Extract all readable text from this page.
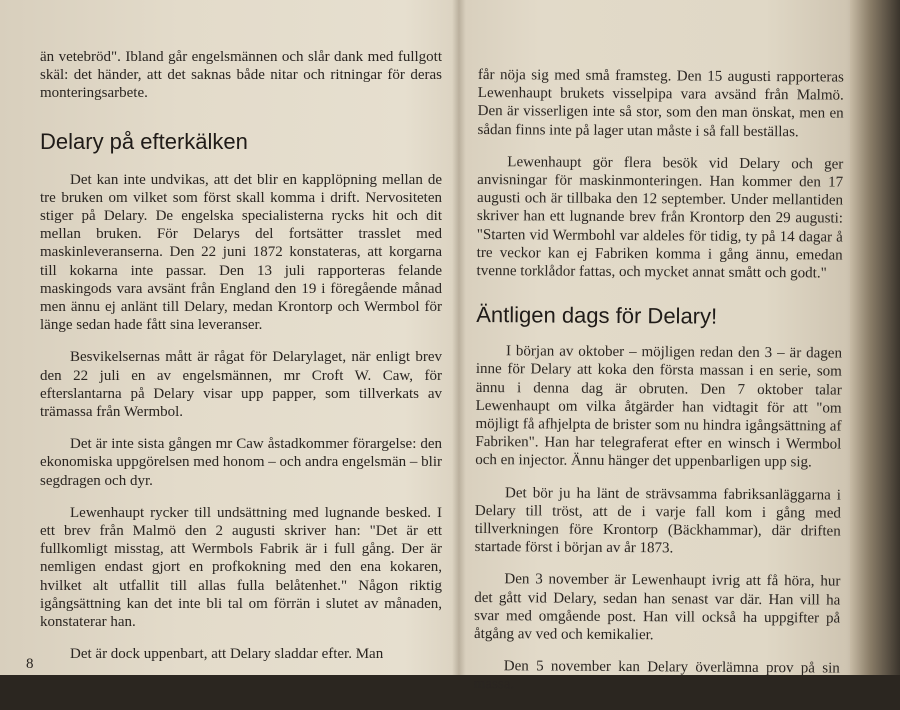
än vetebröd". Ibland går engelsmännen och slår dank med fullgott skäl: det händer, att det saknas både nitar och ritningar för deras monteringsarbete.

Delary på efterkälken

Det kan inte undvikas, att det blir en kapplöpning mellan de tre bruken om vilket som först skall komma i drift. Nervositeten stiger på Delary. De engelska specialisterna rycks hit och dit mellan bruken. För Delarys del fortsätter trasslet med maskinleveranserna. Den 22 juni 1872 konstateras, att korgarna till kokarna inte passar. Den 13 juli rapporteras felande maskingods vara avsänt från England den 19 i föregående månad men ännu ej anlänt till Delary, medan Krontorp och Wermbol för länge sedan hade fått sina leveranser.

Besvikelsernas mått är rågat för Delarylaget, när enligt brev den 22 juli en av engelsmännen, mr Croft W. Caw, för efterslantarna på Delary visar upp papper, som tillverkats av trämassa från Wermbol.

Det är inte sista gången mr Caw åstadkommer förargelse: den ekonomiska uppgörelsen med honom – och andra engelsmän – blir segdragen och dyr.

Lewenhaupt rycker till undsättning med lugnande besked. I ett brev från Malmö den 2 augusti skriver han: "Det är ett fullkomligt misstag, att Wermbols Fabrik är i full gång. Der är nemligen endast gjort en profkokning med den ena kokaren, hvilket alt utfallit till allas fulla belåtenhet." Någon riktig igångsättning kan det inte bli tal om förrän i slutet av månaden, konstaterar han.

Det är dock uppenbart, att Delary sladdar efter. Man

får nöja sig med små framsteg. Den 15 augusti rapporteras Lewenhaupt brukets visselpipa vara avsänd från Malmö. Den är visserligen inte så stor, som den man önskat, men en sådan finns inte på lager utan måste i så fall beställas.

Lewenhaupt gör flera besök vid Delary och ger anvisningar för maskinmonteringen. Han kommer den 17 augusti och är tillbaka den 12 september. Under mellantiden skriver han ett lugnande brev från Krontorp den 29 augusti: "Starten vid Wermbohl var aldeles för tidig, ty på 14 dagar å tre veckor kan ej Fabriken komma i gång ännu, emedan tvenne torklådor fattas, och mycket annat smått och godt."

Äntligen dags för Delary!

I början av oktober – möjligen redan den 3 – är dagen inne för Delary att koka den första massan i en serie, som ännu i denna dag är obruten. Den 7 oktober talar Lewenhaupt om vilka åtgärder han vidtagit för att "om möjligt få afhjelpta de brister som nu hindra igångsättning af Fabriken". Han har telegraferat efter en winsch i Wermbol och en injector. Ännu hänger det uppenbarligen upp sig.

Det bör ju ha länt de strävsamma fabriksanläggarna i Delary till tröst, att de i varje fall kom i gång med tillverkningen före Krontorp (Bäckhammar), där driften startade först i början av år 1873.

Den 3 november är Lewenhaupt ivrig att få höra, hur det gått vid Delary, sedan han senast var där. Han vill ha svar med omgående post. Han vill också ha uppgifter på åtgång av ved och kemikalier.

Den 5 november kan Delary överlämna prov på sin massa.

8
